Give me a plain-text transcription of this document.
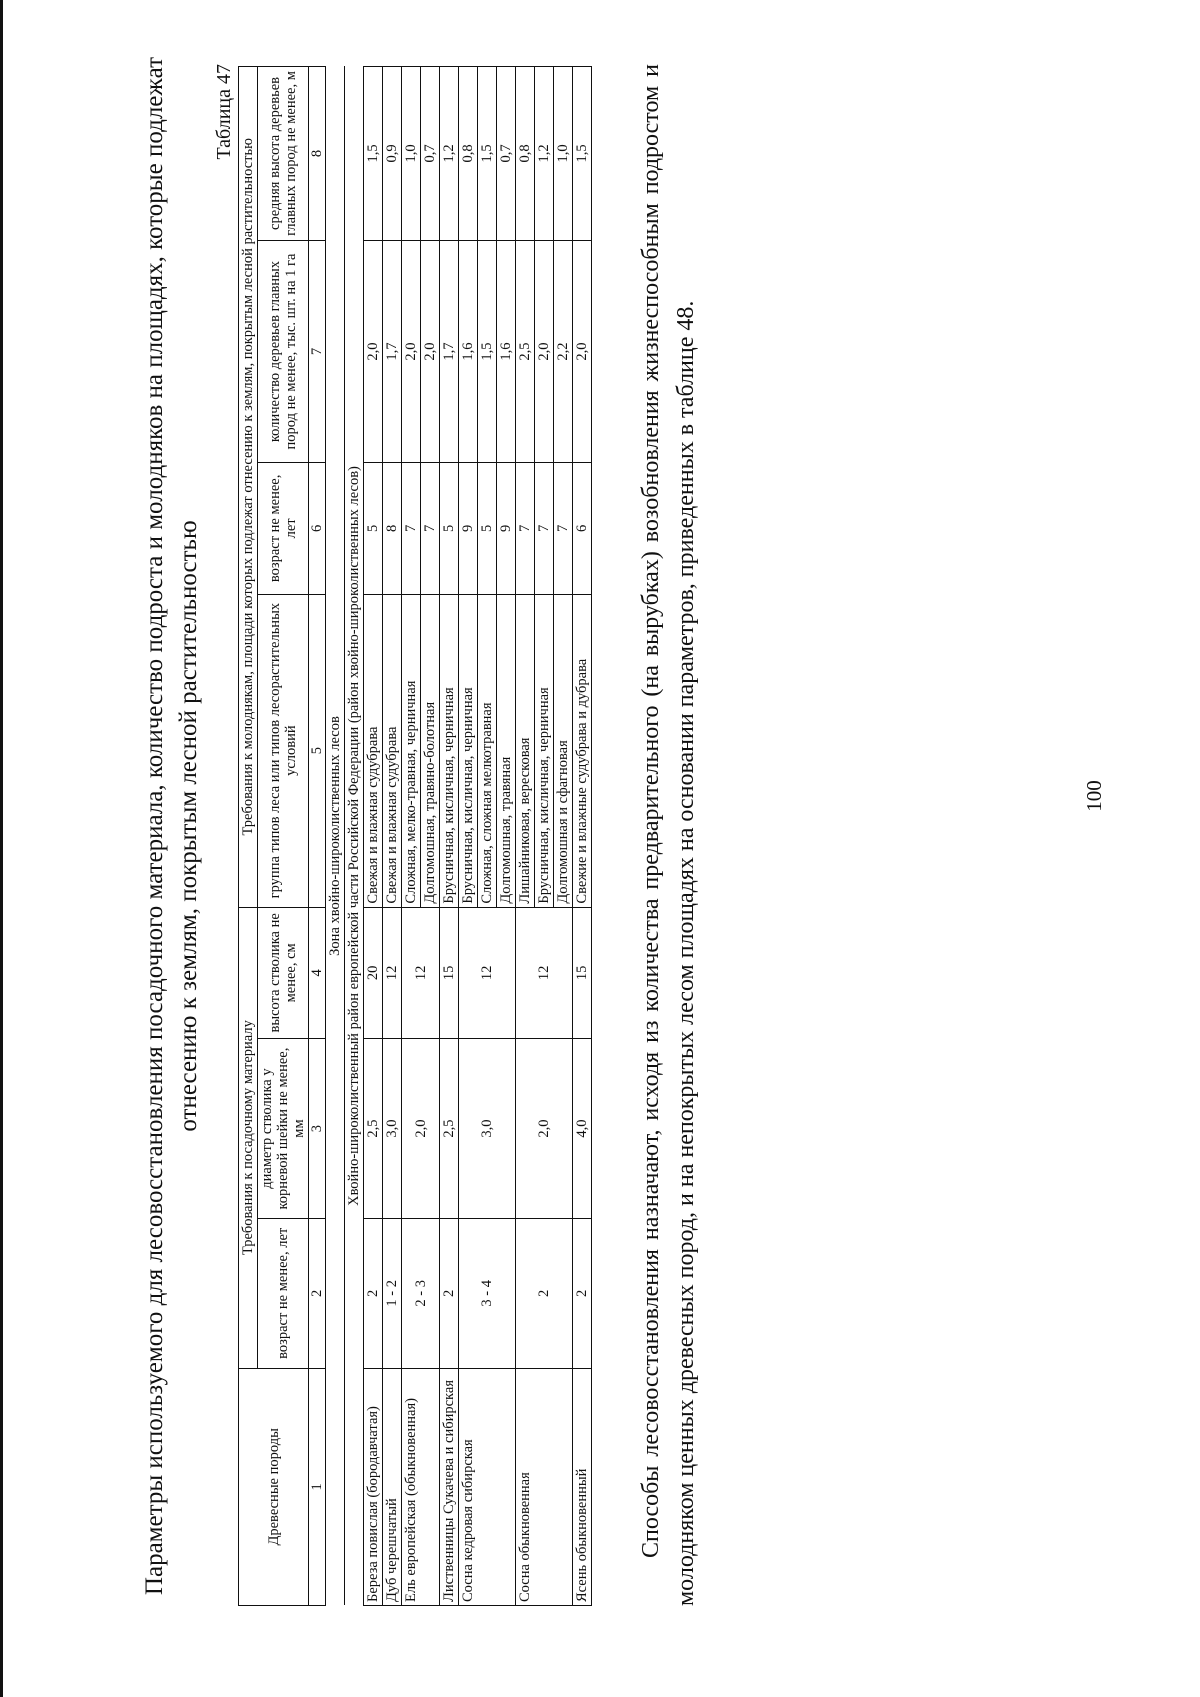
100
Параметры используемого для лесовосстановления посадочного материала, количество подроста и молодняков на площадях, которые подлежат отнесению к землям, покрытым лесной растительностью
Таблица 47
Древесные породы	Требования к посадочному материалу			Требования к молоднякам, площади которых подлежат отнесению к землям, покрытым лесной растительностью			
	возраст не менее, лет	диаметр стволика у корневой шейки не менее, мм	высота стволика не менее, см	группа типов леса или типов лесорастительных условий	возраст не менее, лет	количество деревьев главных пород не менее, тыс. шт. на 1 га	средняя высота деревьев главных пород не менее, м
1	2	3	4	5	6	7	8
Зона хвойно-широколиственных лесов							
Хвойно-широколиственный район европейской части Российской Федерации (район хвойно-широколиственных лесов)							
Береза повислая (бородавчатая)	2	2,5	20	Свежая и влажная судубрава	5	2,0	1,5
Дуб черешчатый	1 - 2	3,0	12	Свежая и влажная судубрава	8	1,7	0,9
Ель европейская (обыкновенная)	2 - 3	2,0	12	Сложная, мелко-травная, черничная	7	2,0	1,0
				Долгомошная, травяно-болотная	7	2,0	0,7
Лиственницы Сукачева и сибирская	2	2,5	15	Брусничная, кисличная, черничная	5	1,7	1,2
Сосна кедровая сибирская	3 - 4	3,0	12	Брусничная, кисличная, черничная	9	1,6	0,8
				Сложная, сложная мелкотравная	5	1,5	1,5
				Долгомошная, травяная	9	1,6	0,7
Сосна обыкновенная	2	2,0	12	Лишайниковая, вересковая	7	2,5	0,8
				Брусничная, кисличная, черничная	7	2,0	1,2
				Долгомошная и сфагновая	7	2,2	1,0
Ясень обыкновенный	2	4,0	15	Свежие и влажные судубрава и дубрава	6	2,0	1,5 Способы лесовосстановления назначают, исходя из количества предварительного (на вырубках) возобновления жизнеспособным подростом и молодняком ценных древесных пород, и на непокрытых лесом площадях на основании параметров, приведенных в таблице 48.
